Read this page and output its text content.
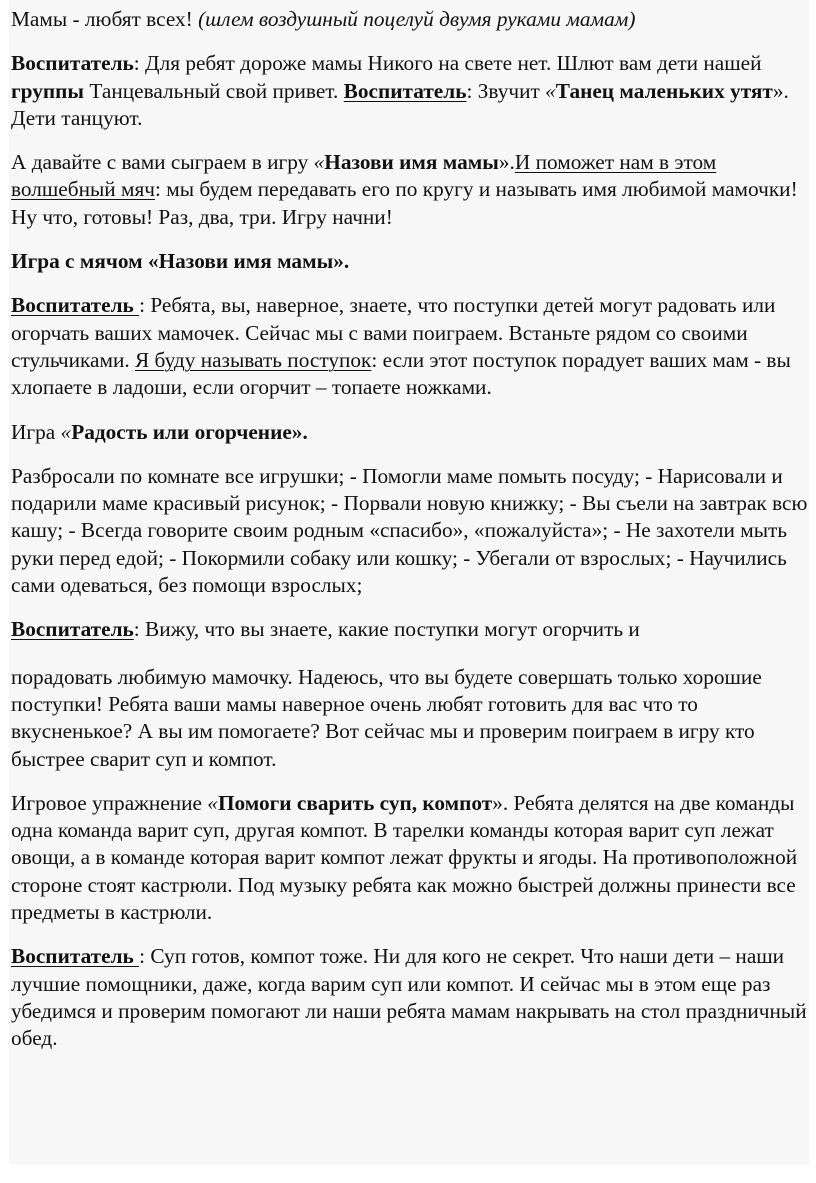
Мамы - любят всех! (шлем воздушный поцелуй двумя руками мамам)

Воспитатель: Для ребят дороже мамы Никого на свете нет. Шлют вам дети нашей группы Танцевальный свой привет. Воспитатель: Звучит «Танец маленьких утят». Дети танцуют.

А давайте с вами сыграем в игру «Назови имя мамы».И поможет нам в этом волшебный мяч: мы будем передавать его по кругу и называть имя любимой мамочки! Ну что, готовы! Раз, два, три. Игру начни!

Игра с мячом «Назови имя мамы».

Воспитатель : Ребята, вы, наверное, знаете, что поступки детей могут радовать или огорчать ваших мамочек. Сейчас мы с вами поиграем. Встаньте рядом со своими стульчиками. Я буду называть поступок: если этот поступок порадует ваших мам - вы хлопаете в ладоши, если огорчит – топаете ножками.

Игра «Радость или огорчение».

Разбросали по комнате все игрушки; - Помогли маме помыть посуду; - Нарисовали и подарили маме красивый рисунок; - Порвали новую книжку; - Вы съели на завтрак всю кашу; - Всегда говорите своим родным «спасибо», «пожалуйста»; - Не захотели мыть руки перед едой; - Покормили собаку или кошку; - Убегали от взрослых; - Научились сами одеваться, без помощи взрослых;

Воспитатель: Вижу, что вы знаете, какие поступки могут огорчить и

порадовать любимую мамочку. Надеюсь, что вы будете совершать только хорошие поступки! Ребята ваши мамы наверное очень любят готовить для вас что то вкусненькое? А вы им помогаете? Вот сейчас мы и проверим поиграем в игру кто быстрее сварит суп и компот.

Игровое упражнение «Помоги сварить суп, компот». Ребята делятся на две команды одна команда варит суп, другая компот. В тарелки команды которая варит суп лежат овощи, а в команде которая варит компот лежат фрукты и ягоды. На противоположной стороне стоят кастрюли. Под музыку ребята как можно быстрей должны принести все предметы в кастрюли.

Воспитатель : Суп готов, компот тоже. Ни для кого не секрет. Что наши дети – наши лучшие помощники, даже, когда варим суп или компот. И сейчас мы в этом еще раз убедимся и проверим помогают ли наши ребята мамам накрывать на стол праздничный обед.
